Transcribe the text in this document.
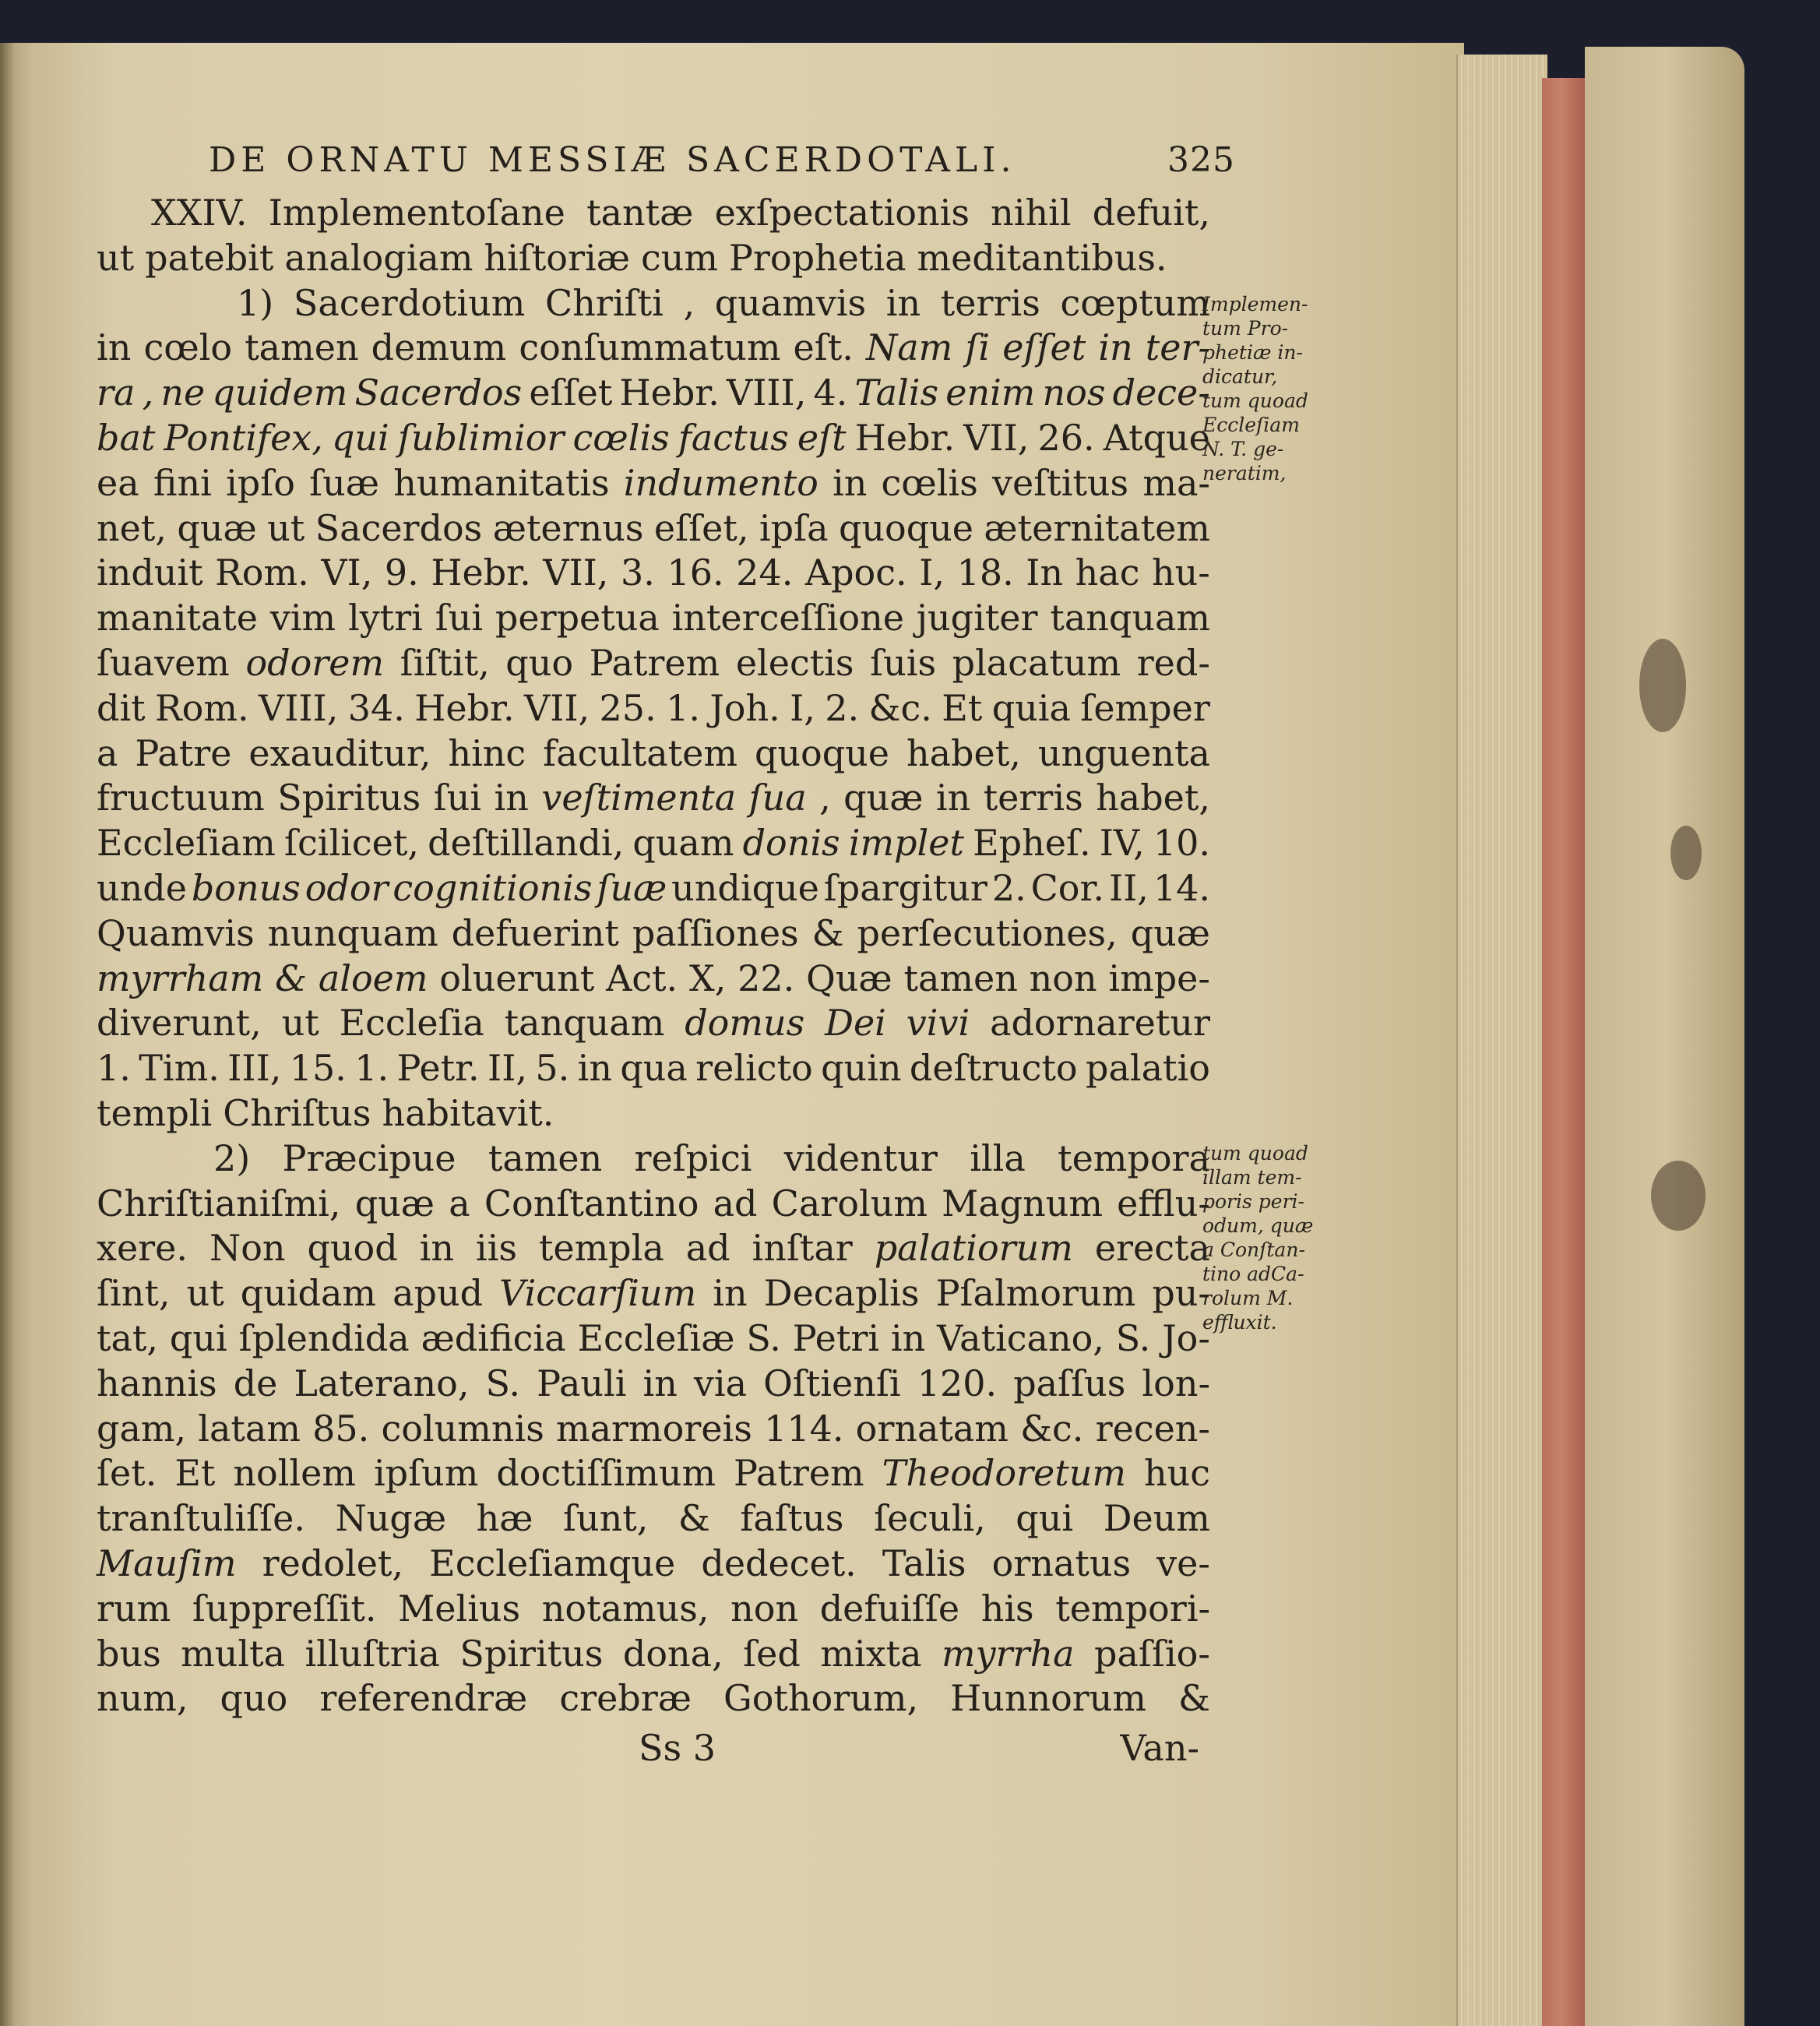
DE ORNATU MESSIÆ SACERDOTALI.	325
XXIV. Implementoſane tantæ exſpectationis nihil defuit,
ut patebit analogiam hiſtoriæ cum Prophetia meditantibus.
1) Sacerdotium Chriſti , quamvis in terris cœptum
in cœlo tamen demum conſummatum eſt. Nam ſi eſſet in ter-
ra , ne quidem Sacerdos eſſet Hebr. VIII, 4. Talis enim nos dece-
bat Pontifex, qui ſublimior cœlis factus eſt Hebr. VII, 26. Atque
ea fini ipſo ſuæ humanitatis indumento in cœlis veſtitus ma-
net, quæ ut Sacerdos æternus eſſet, ipſa quoque æternitatem
induit Rom. VI, 9. Hebr. VII, 3. 16. 24. Apoc. I, 18. In hac hu-
manitate vim lytri ſui perpetua interceſſione jugiter tanquam
ſuavem odorem ſiſtit, quo Patrem electis ſuis placatum red-
dit Rom. VIII, 34. Hebr. VII, 25. 1. Joh. I, 2. &c. Et quia ſemper
a Patre exauditur, hinc facultatem quoque habet, unguenta
fructuum Spiritus ſui in veſtimenta ſua , quæ in terris habet,
Eccleſiam ſcilicet, deſtillandi, quam donis implet Epheſ. IV, 10.
unde bonus odor cognitionis ſuæ undique ſpargitur 2. Cor. II, 14.
Quamvis nunquam defuerint paſſiones & perſecutiones, quæ
myrrham & aloem oluerunt Act. X, 22. Quæ tamen non impe-
diverunt, ut Eccleſia tanquam domus Dei vivi adornaretur
1. Tim. III, 15. 1. Petr. II, 5. in qua relicto quin deſtructo palatio
templi Chriſtus habitavit.
2) Præcipue tamen reſpici videntur illa tempora
Chriſtianiſmi, quæ a Conſtantino ad Carolum Magnum efflu-
xere. Non quod in iis templa ad inſtar palatiorum erecta
ſint, ut quidam apud Viccarſium in Decaplis Pſalmorum pu-
tat, qui ſplendida ædificia Eccleſiæ S. Petri in Vaticano, S. Jo-
hannis de Laterano, S. Pauli in via Oſtienſi 120. paſſus lon-
gam, latam 85. columnis marmoreis 114. ornatam &c. recen-
ſet. Et nollem ipſum doctiſſimum Patrem Theodoretum huc
tranſtuliſſe. Nugæ hæ ſunt, & faſtus ſeculi, qui Deum
Mauſim redolet, Eccleſiamque dedecet. Talis ornatus ve-
rum ſuppreſſit. Melius notamus, non defuiſſe his tempori-
bus multa illuſtria Spiritus dona, ſed mixta myrrha paſſio-
num, quo referendræ crebræ Gothorum, Hunnorum &
Implemen-
tum Pro-
phetiæ in-
dicatur,
tum quoad
Eccleſiam
N. T. ge-
neratim,
tum quoad
illam tem-
poris peri-
odum, quæ
a Conſtan-
tino adCa-
rolum M.
effluxit.
Ss 3	Van-
